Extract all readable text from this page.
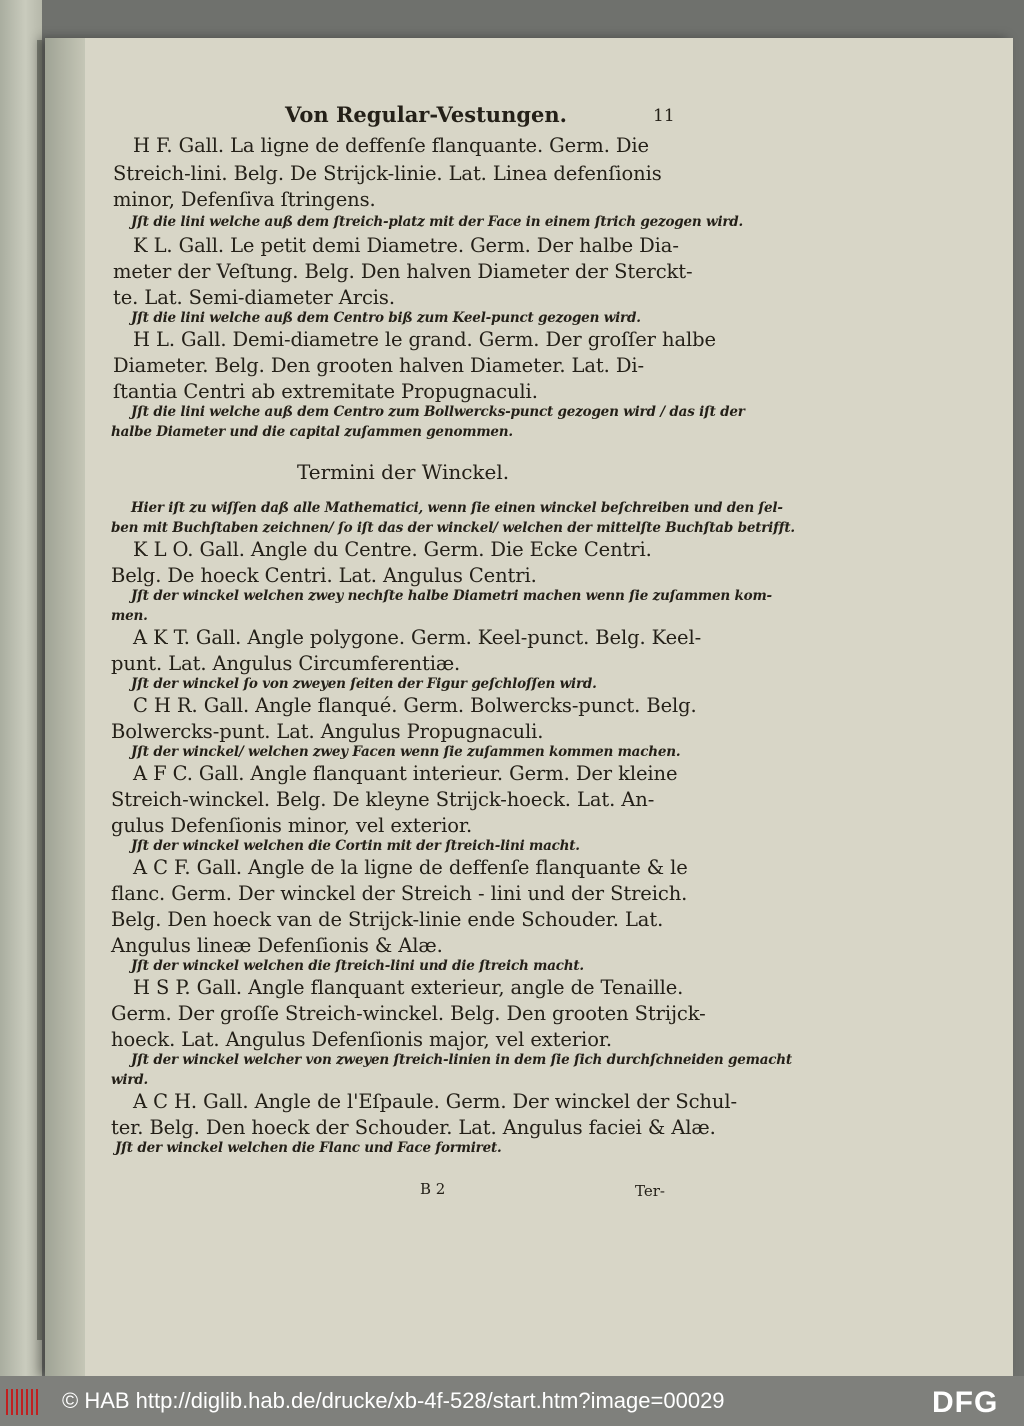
Von Regular-Vestungen.	11
H F. Gall. La ligne de deffenſe flanquante. Germ. Die
Streich-lini. Belg. De Strijck-linie. Lat. Linea defenſionis
minor, Defenſiva ſtringens.
Jſt die lini welche auß dem ſtreich-platz mit der Face in einem ſtrich gezogen wird.
K L. Gall. Le petit demi Diametre. Germ. Der halbe Dia-
meter der Veſtung. Belg. Den halven Diameter der Sterckt-
te. Lat. Semi-diameter Arcis.
Jſt die lini welche auß dem Centro biß zum Keel-punct gezogen wird.
H L. Gall. Demi-diametre le grand. Germ. Der groſſer halbe
Diameter. Belg. Den grooten halven Diameter. Lat. Di-
ſtantia Centri ab extremitate Propugnaculi.
Jſt die lini welche auß dem Centro zum Bollwercks-punct gezogen wird / das iſt der
halbe Diameter und die capital zuſammen genommen.
Termini der Winckel.
Hier iſt zu wiſſen daß alle Mathematici, wenn ſie einen winckel beſchreiben und den ſel-
ben mit Buchſtaben zeichnen/ ſo iſt das der winckel/ welchen der mittelſte Buchſtab betrifft.
K L O. Gall. Angle du Centre. Germ. Die Ecke Centri.
Belg. De hoeck Centri. Lat. Angulus Centri.
Jſt der winckel welchen zwey nechſte halbe Diametri machen wenn ſie zuſammen kom-
men.
A K T. Gall. Angle polygone. Germ. Keel-punct. Belg. Keel-
punt. Lat. Angulus Circumferentiæ.
Jſt der winckel ſo von zweyen ſeiten der Figur geſchloſſen wird.
C H R. Gall. Angle flanqué. Germ. Bolwercks-punct. Belg.
Bolwercks-punt. Lat. Angulus Propugnaculi.
Jſt der winckel/ welchen zwey Facen wenn ſie zuſammen kommen machen.
A F C. Gall. Angle flanquant interieur. Germ. Der kleine
Streich-winckel. Belg. De kleyne Strijck-hoeck. Lat. An-
gulus Defenſionis minor, vel exterior.
Jſt der winckel welchen die Cortin mit der ſtreich-lini macht.
A C F. Gall. Angle de la ligne de deffenſe flanquante & le
flanc. Germ. Der winckel der Streich - lini und der Streich.
Belg. Den hoeck van de Strijck-linie ende Schouder. Lat.
Angulus lineæ Defenſionis & Alæ.
Jſt der winckel welchen die ſtreich-lini und die ſtreich macht.
H S P. Gall. Angle flanquant exterieur, angle de Tenaille.
Germ. Der groſſe Streich-winckel. Belg. Den grooten Strijck-
hoeck. Lat. Angulus Defenſionis major, vel exterior.
Jſt der winckel welcher von zweyen ſtreich-linien in dem ſie ſich durchſchneiden gemacht
wird.
A C H. Gall. Angle de l'Eſpaule. Germ. Der winckel der Schul-
ter. Belg. Den hoeck der Schouder. Lat. Angulus faciei & Alæ.
Jſt der winckel welchen die Flanc und Face formiret.
B 2	Ter-
© HAB http://diglib.hab.de/drucke/xb-4f-528/start.htm?image=00029	DFG
